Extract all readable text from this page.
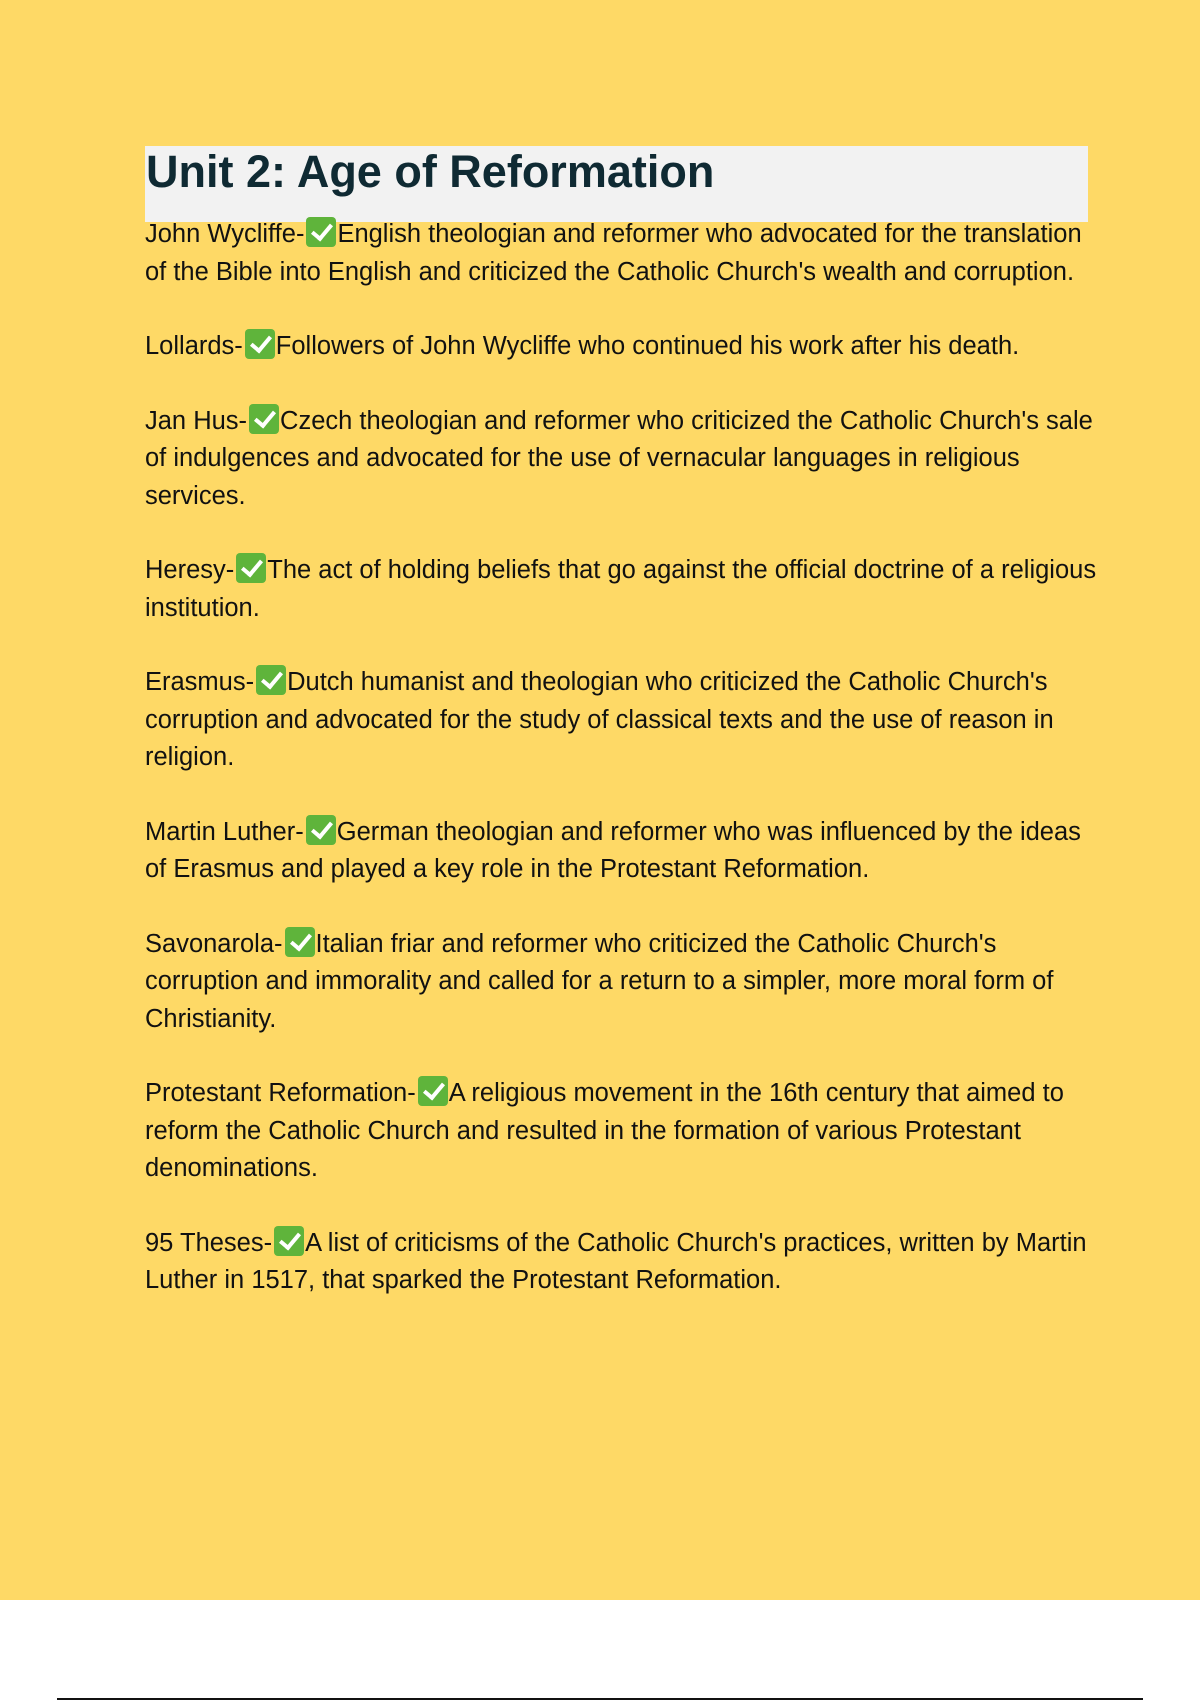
Unit 2: Age of Reformation

John Wycliffe- English theologian and reformer who advocated for the translation of the Bible into English and criticized the Catholic Church's wealth and corruption.

Lollards- Followers of John Wycliffe who continued his work after his death.

Jan Hus- Czech theologian and reformer who criticized the Catholic Church's sale of indulgences and advocated for the use of vernacular languages in religious services.

Heresy- The act of holding beliefs that go against the official doctrine of a religious institution.

Erasmus- Dutch humanist and theologian who criticized the Catholic Church's corruption and advocated for the study of classical texts and the use of reason in religion.

Martin Luther- German theologian and reformer who was influenced by the ideas of Erasmus and played a key role in the Protestant Reformation.

Savonarola- Italian friar and reformer who criticized the Catholic Church's corruption and immorality and called for a return to a simpler, more moral form of Christianity.

Protestant Reformation- A religious movement in the 16th century that aimed to reform the Catholic Church and resulted in the formation of various Protestant denominations.

95 Theses- A list of criticisms of the Catholic Church's practices, written by Martin Luther in 1517, that sparked the Protestant Reformation.
